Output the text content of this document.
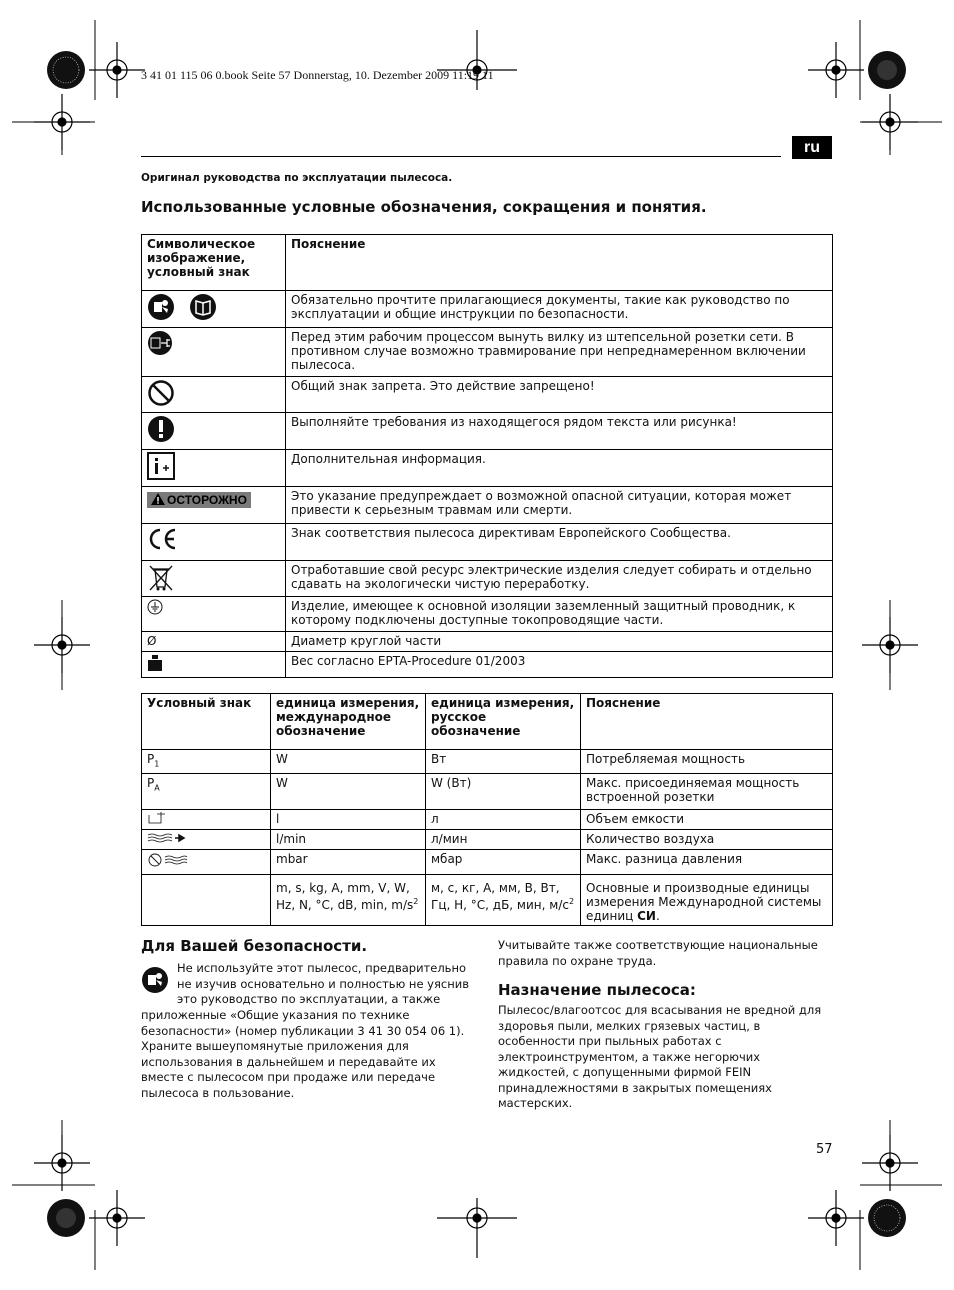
3 41 01 115 06 0.book Seite 57 Donnerstag, 10. Dezember 2009 11:19 11
ru
Оригинал руководства по эксплуатации пылесоса.
Использованные условные обозначения, сокращения и понятия.
Символическое изображение, условный знак	Пояснение
	Обязательно прочтите прилагающиеся документы, такие как руководство по эксплуатации и общие инструкции по безопасности.
	Перед этим рабочим процессом вынуть вилку из штепсельной розетки сети. В противном случае возможно травмирование при непреднамеренном включении пылесоса.
	Общий знак запрета. Это действие запрещено!
	Выполняйте требования из находящегося рядом текста или рисунка!
	Дополнительная информация.
ОСТОРОЖНО	Это указание предупреждает о возможной опасной ситуации, которая может привести к серьезным травмам или смерти.
	Знак соответствия пылесоса директивам Европейского Сообщества.
	Отработавшие свой ресурс электрические изделия следует собирать и отдельно сдавать на экологически чистую переработку.
	Изделие, имеющее к основной изоляции заземленный защитный проводник, к которому подключены доступные токопроводящие части.
Ø	Диаметр круглой части
	Вес согласно EPTA-Procedure 01/2003
Условный знак	единица измерения, международное обозначение	единица измерения, русское обозначение	Пояснение
$P_1$	W	Вт	Потребляемая мощность
$P_A$	W	W (Вт)	Макс. присоединяемая мощность встроенной розетки
	l	л	Объем емкости
	l/min	л/мин	Количество воздуха
	mbar	мбар	Макс. разница давления
	m, s, kg, A, mm, V, W, Hz, N, °C, dB, min, $m/s^2$	м, с, кг, А, мм, В, Вт, Гц, Н, °C, дБ, мин, $м/с^2$	Основные и производные единицы измерения Международной системы единиц СИ.
Для Вашей безопасности.
Не используйте этот пылесос, предварительно не изучив основательно и полностью не уяснив это руководство по эксплуатации, а также
приложенные «Общие указания по технике безопасности» (номер публикации 3 41 30 054 06 1). Храните вышеупомянутые приложения для использования в дальнейшем и передавайте их вместе с пылесосом при продаже или передаче пылесоса в пользование.
Учитывайте также соответствующие национальные правила по охране труда.
Назначение пылесоса:
Пылесос/влагоотсос для всасывания не вредной для здоровья пыли, мелких грязевых частиц, в особенности при пыльных работах с электроинструментом, а также негорючих жидкостей, с допущенными фирмой FEIN принадлежностями в закрытых помещениях мастерских.
57
